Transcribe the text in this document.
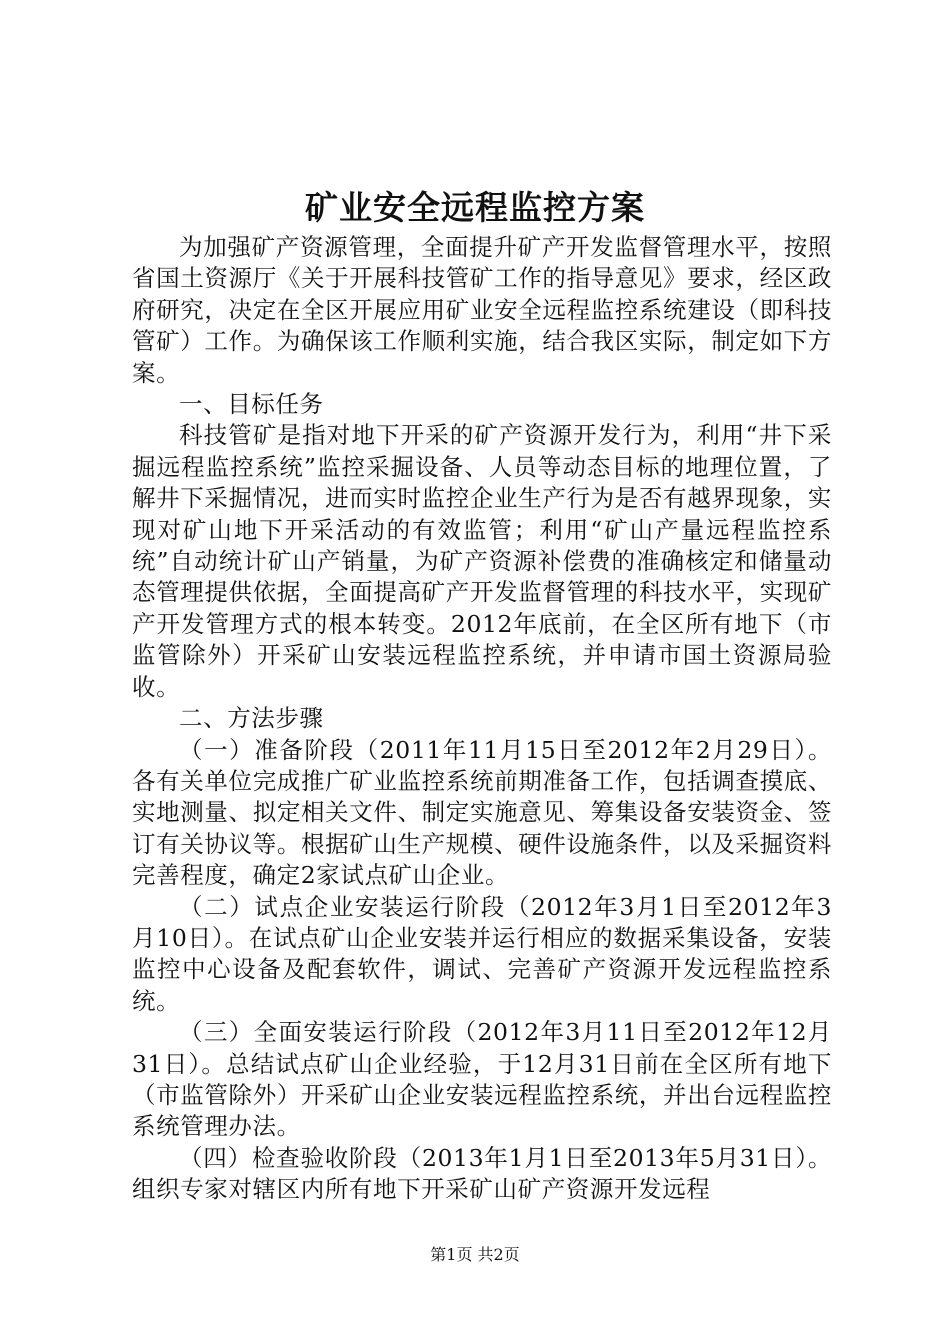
矿业安全远程监控方案

为加强矿产资源管理，全面提升矿产开发监督管理水平，按照省国土资源厅《关于开展科技管矿工作的指导意见》要求，经区政府研究，决定在全区开展应用矿业安全远程监控系统建设（即科技管矿）工作。为确保该工作顺利实施，结合我区实际，制定如下方案。

一、目标任务

科技管矿是指对地下开采的矿产资源开发行为，利用“井下采掘远程监控系统”监控采掘设备、人员等动态目标的地理位置，了解井下采掘情况，进而实时监控企业生产行为是否有越界现象，实现对矿山地下开采活动的有效监管；利用“矿山产量远程监控系统”自动统计矿山产销量，为矿产资源补偿费的准确核定和储量动态管理提供依据，全面提高矿产开发监督管理的科技水平，实现矿产开发管理方式的根本转变。2012年底前，在全区所有地下（市监管除外）开采矿山安装远程监控系统，并申请市国土资源局验收。

二、方法步骤

（一）准备阶段（2011年11月15日至2012年2月29日）。各有关单位完成推广矿业监控系统前期准备工作，包括调查摸底、实地测量、拟定相关文件、制定实施意见、筹集设备安装资金、签订有关协议等。根据矿山生产规模、硬件设施条件，以及采掘资料完善程度，确定2家试点矿山企业。

（二）试点企业安装运行阶段（2012年3月1日至2012年3月10日）。在试点矿山企业安装并运行相应的数据采集设备，安装监控中心设备及配套软件，调试、完善矿产资源开发远程监控系统。

（三）全面安装运行阶段（2012年3月11日至2012年12月31日）。总结试点矿山企业经验，于12月31日前在全区所有地下（市监管除外）开采矿山企业安装远程监控系统，并出台远程监控系统管理办法。

（四）检查验收阶段（2013年1月1日至2013年5月31日）。组织专家对辖区内所有地下开采矿山矿产资源开发远程

第1页 共2页
